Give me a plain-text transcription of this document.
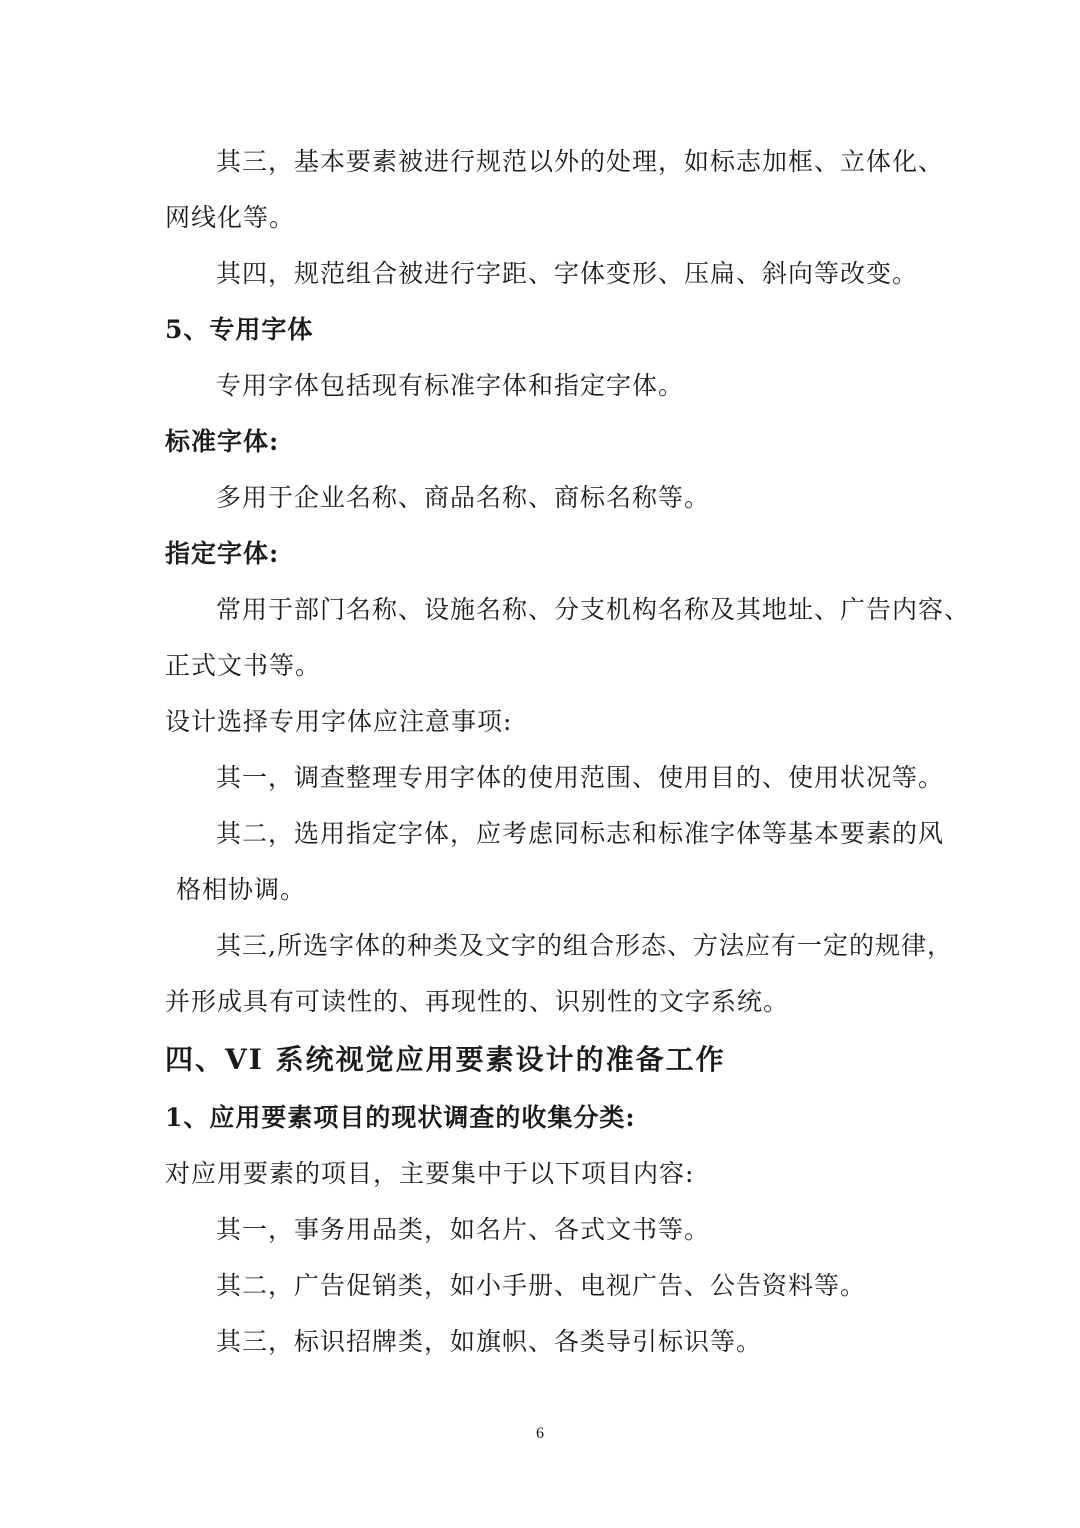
其三，基本要素被进行规范以外的处理，如标志加框、立体化、
网线化等。
其四，规范组合被进行字距、字体变形、压扁、斜向等改变。
5、专用字体
专用字体包括现有标准字体和指定字体。
标准字体:
多用于企业名称、商品名称、商标名称等。
指定字体:
常用于部门名称、设施名称、分支机构名称及其地址、广告内容、
正式文书等。
设计选择专用字体应注意事项:
其一，调查整理专用字体的使用范围、使用目的、使用状况等。
其二，选用指定字体，应考虑同标志和标准字体等基本要素的风
格相协调。
其三,所选字体的种类及文字的组合形态、方法应有一定的规律，
并形成具有可读性的、再现性的、识别性的文字系统。
四、VI 系统视觉应用要素设计的准备工作
1、应用要素项目的现状调查的收集分类:
对应用要素的项目，主要集中于以下项目内容:
其一，事务用品类，如名片、各式文书等。
其二，广告促销类，如小手册、电视广告、公告资料等。
其三，标识招牌类，如旗帜、各类导引标识等。
6
